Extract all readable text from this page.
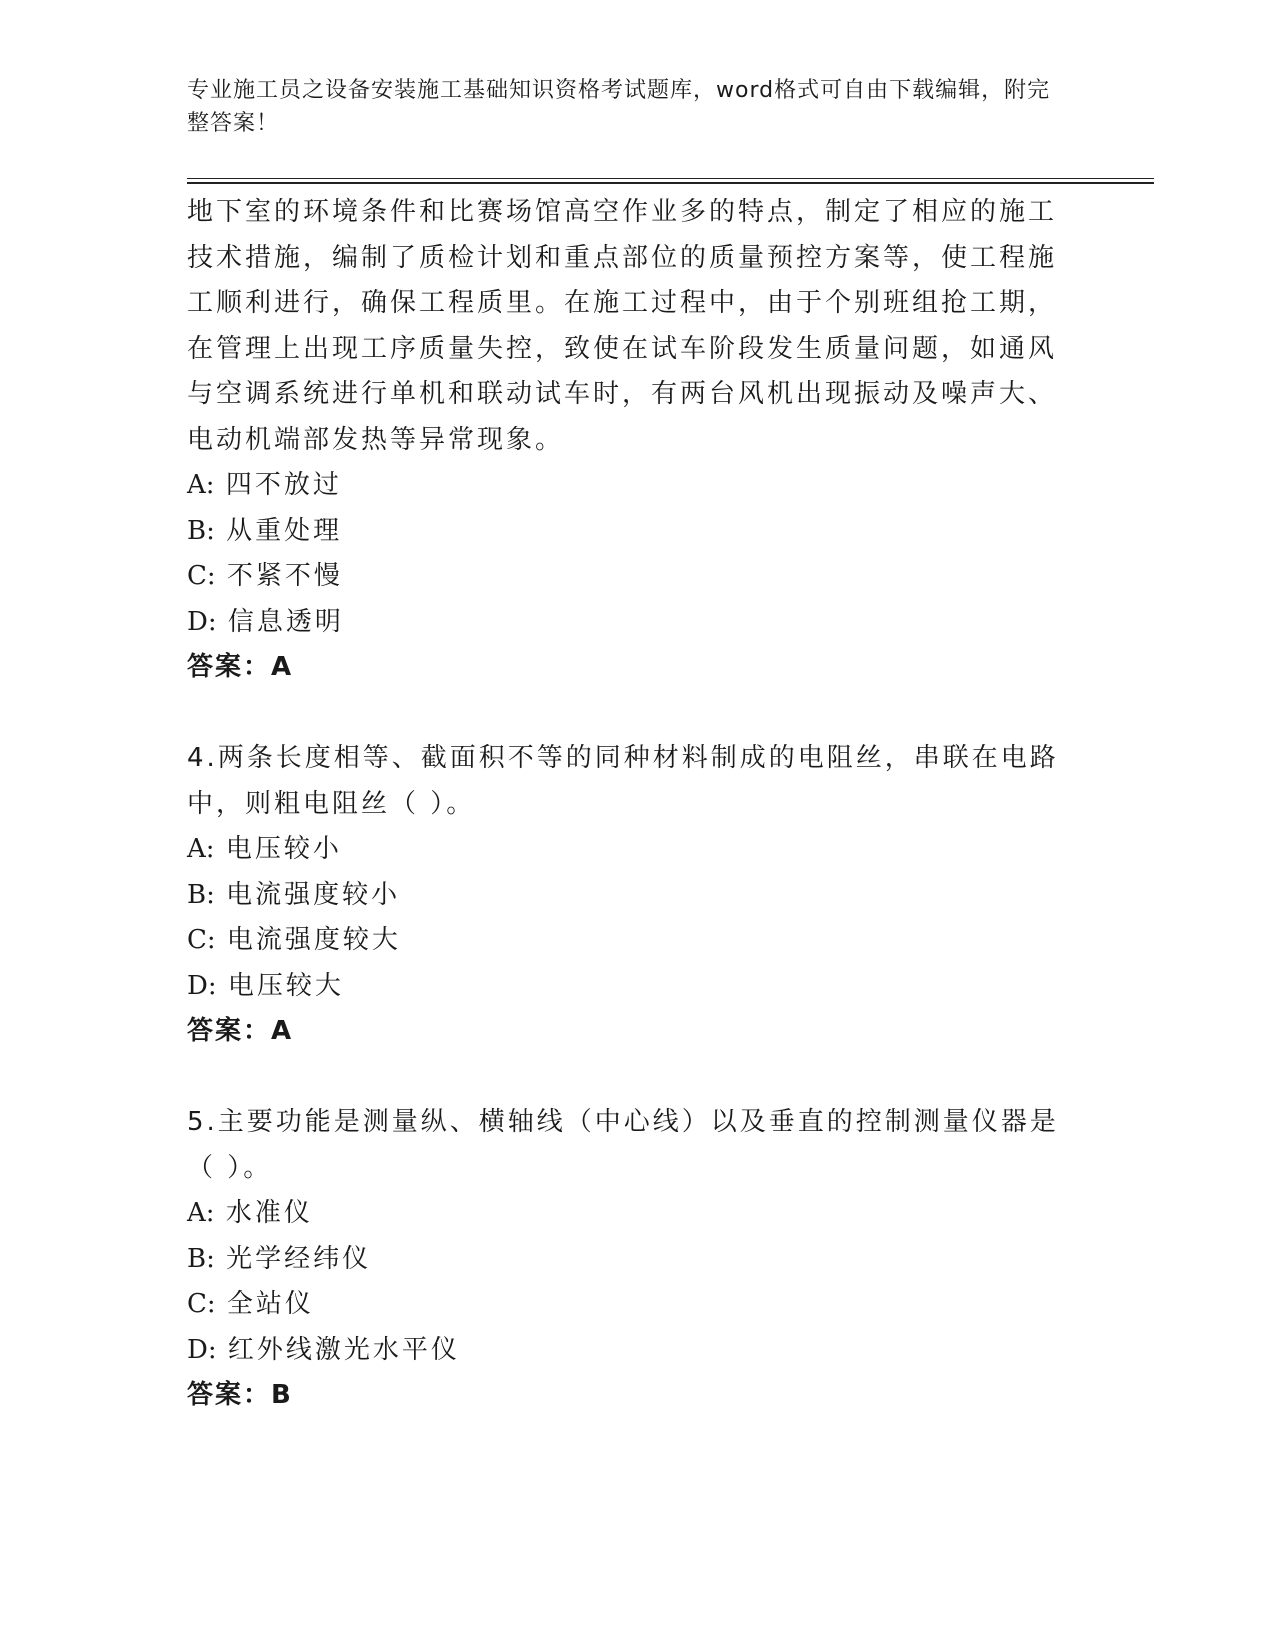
专业施工员之设备安装施工基础知识资格考试题库，word格式可自由下载编辑，附完整答案！

地下室的环境条件和比赛场馆高空作业多的特点，制定了相应的施工技术措施，编制了质检计划和重点部位的质量预控方案等，使工程施工顺利进行，确保工程质里。在施工过程中，由于个别班组抢工期，在管理上出现工序质量失控，致使在试车阶段发生质量问题，如通风与空调系统进行单机和联动试车时，有两台风机出现振动及噪声大、电动机端部发热等异常现象。

A: 四不放过

B: 从重处理

C: 不紧不慢

D: 信息透明

答案：A

4.两条长度相等、截面积不等的同种材料制成的电阻丝，串联在电路中，则粗电阻丝（ ）。

A: 电压较小

B: 电流强度较小

C: 电流强度较大

D: 电压较大

答案：A

5.主要功能是测量纵、横轴线（中心线）以及垂直的控制测量仪器是（ ）。

A: 水准仪

B: 光学经纬仪

C: 全站仪

D: 红外线激光水平仪

答案：B
